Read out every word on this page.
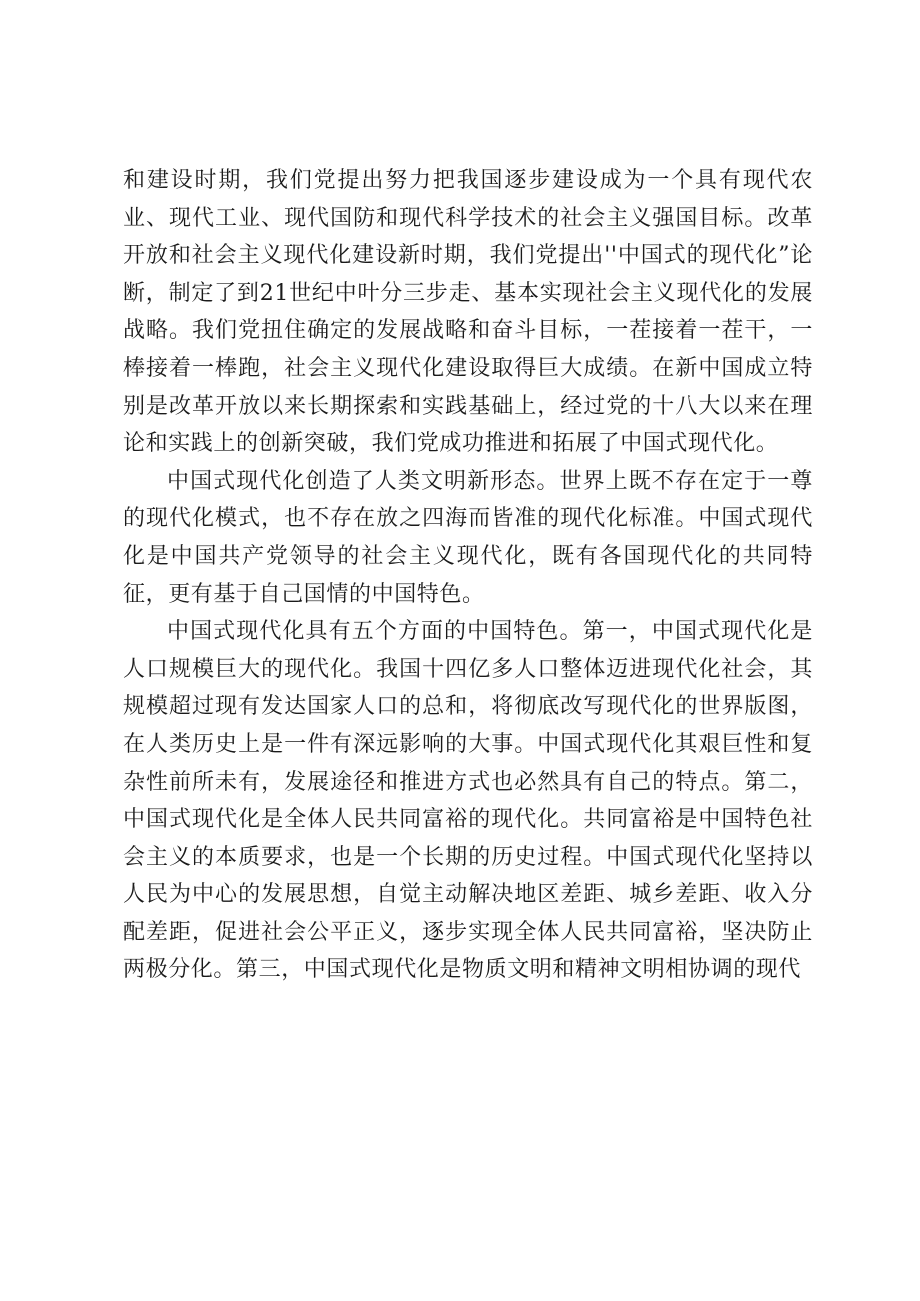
和建设时期，我们党提出努力把我国逐步建设成为一个具有现代农业、现代工业、现代国防和现代科学技术的社会主义强国目标。改革开放和社会主义现代化建设新时期，我们党提出''中国式的现代化”论断，制定了到21世纪中叶分三步走、基本实现社会主义现代化的发展战略。我们党扭住确定的发展战略和奋斗目标，一茬接着一茬干，一棒接着一棒跑，社会主义现代化建设取得巨大成绩。在新中国成立特别是改革开放以来长期探索和实践基础上，经过党的十八大以来在理论和实践上的创新突破，我们党成功推进和拓展了中国式现代化。

中国式现代化创造了人类文明新形态。世界上既不存在定于一尊的现代化模式，也不存在放之四海而皆准的现代化标准。中国式现代化是中国共产党领导的社会主义现代化，既有各国现代化的共同特征，更有基于自己国情的中国特色。

中国式现代化具有五个方面的中国特色。第一，中国式现代化是人口规模巨大的现代化。我国十四亿多人口整体迈进现代化社会，其规模超过现有发达国家人口的总和，将彻底改写现代化的世界版图，在人类历史上是一件有深远影响的大事。中国式现代化其艰巨性和复杂性前所未有，发展途径和推进方式也必然具有自己的特点。第二，中国式现代化是全体人民共同富裕的现代化。共同富裕是中国特色社会主义的本质要求，也是一个长期的历史过程。中国式现代化坚持以人民为中心的发展思想，自觉主动解决地区差距、城乡差距、收入分配差距，促进社会公平正义，逐步实现全体人民共同富裕，坚决防止两极分化。第三，中国式现代化是物质文明和精神文明相协调的现代
